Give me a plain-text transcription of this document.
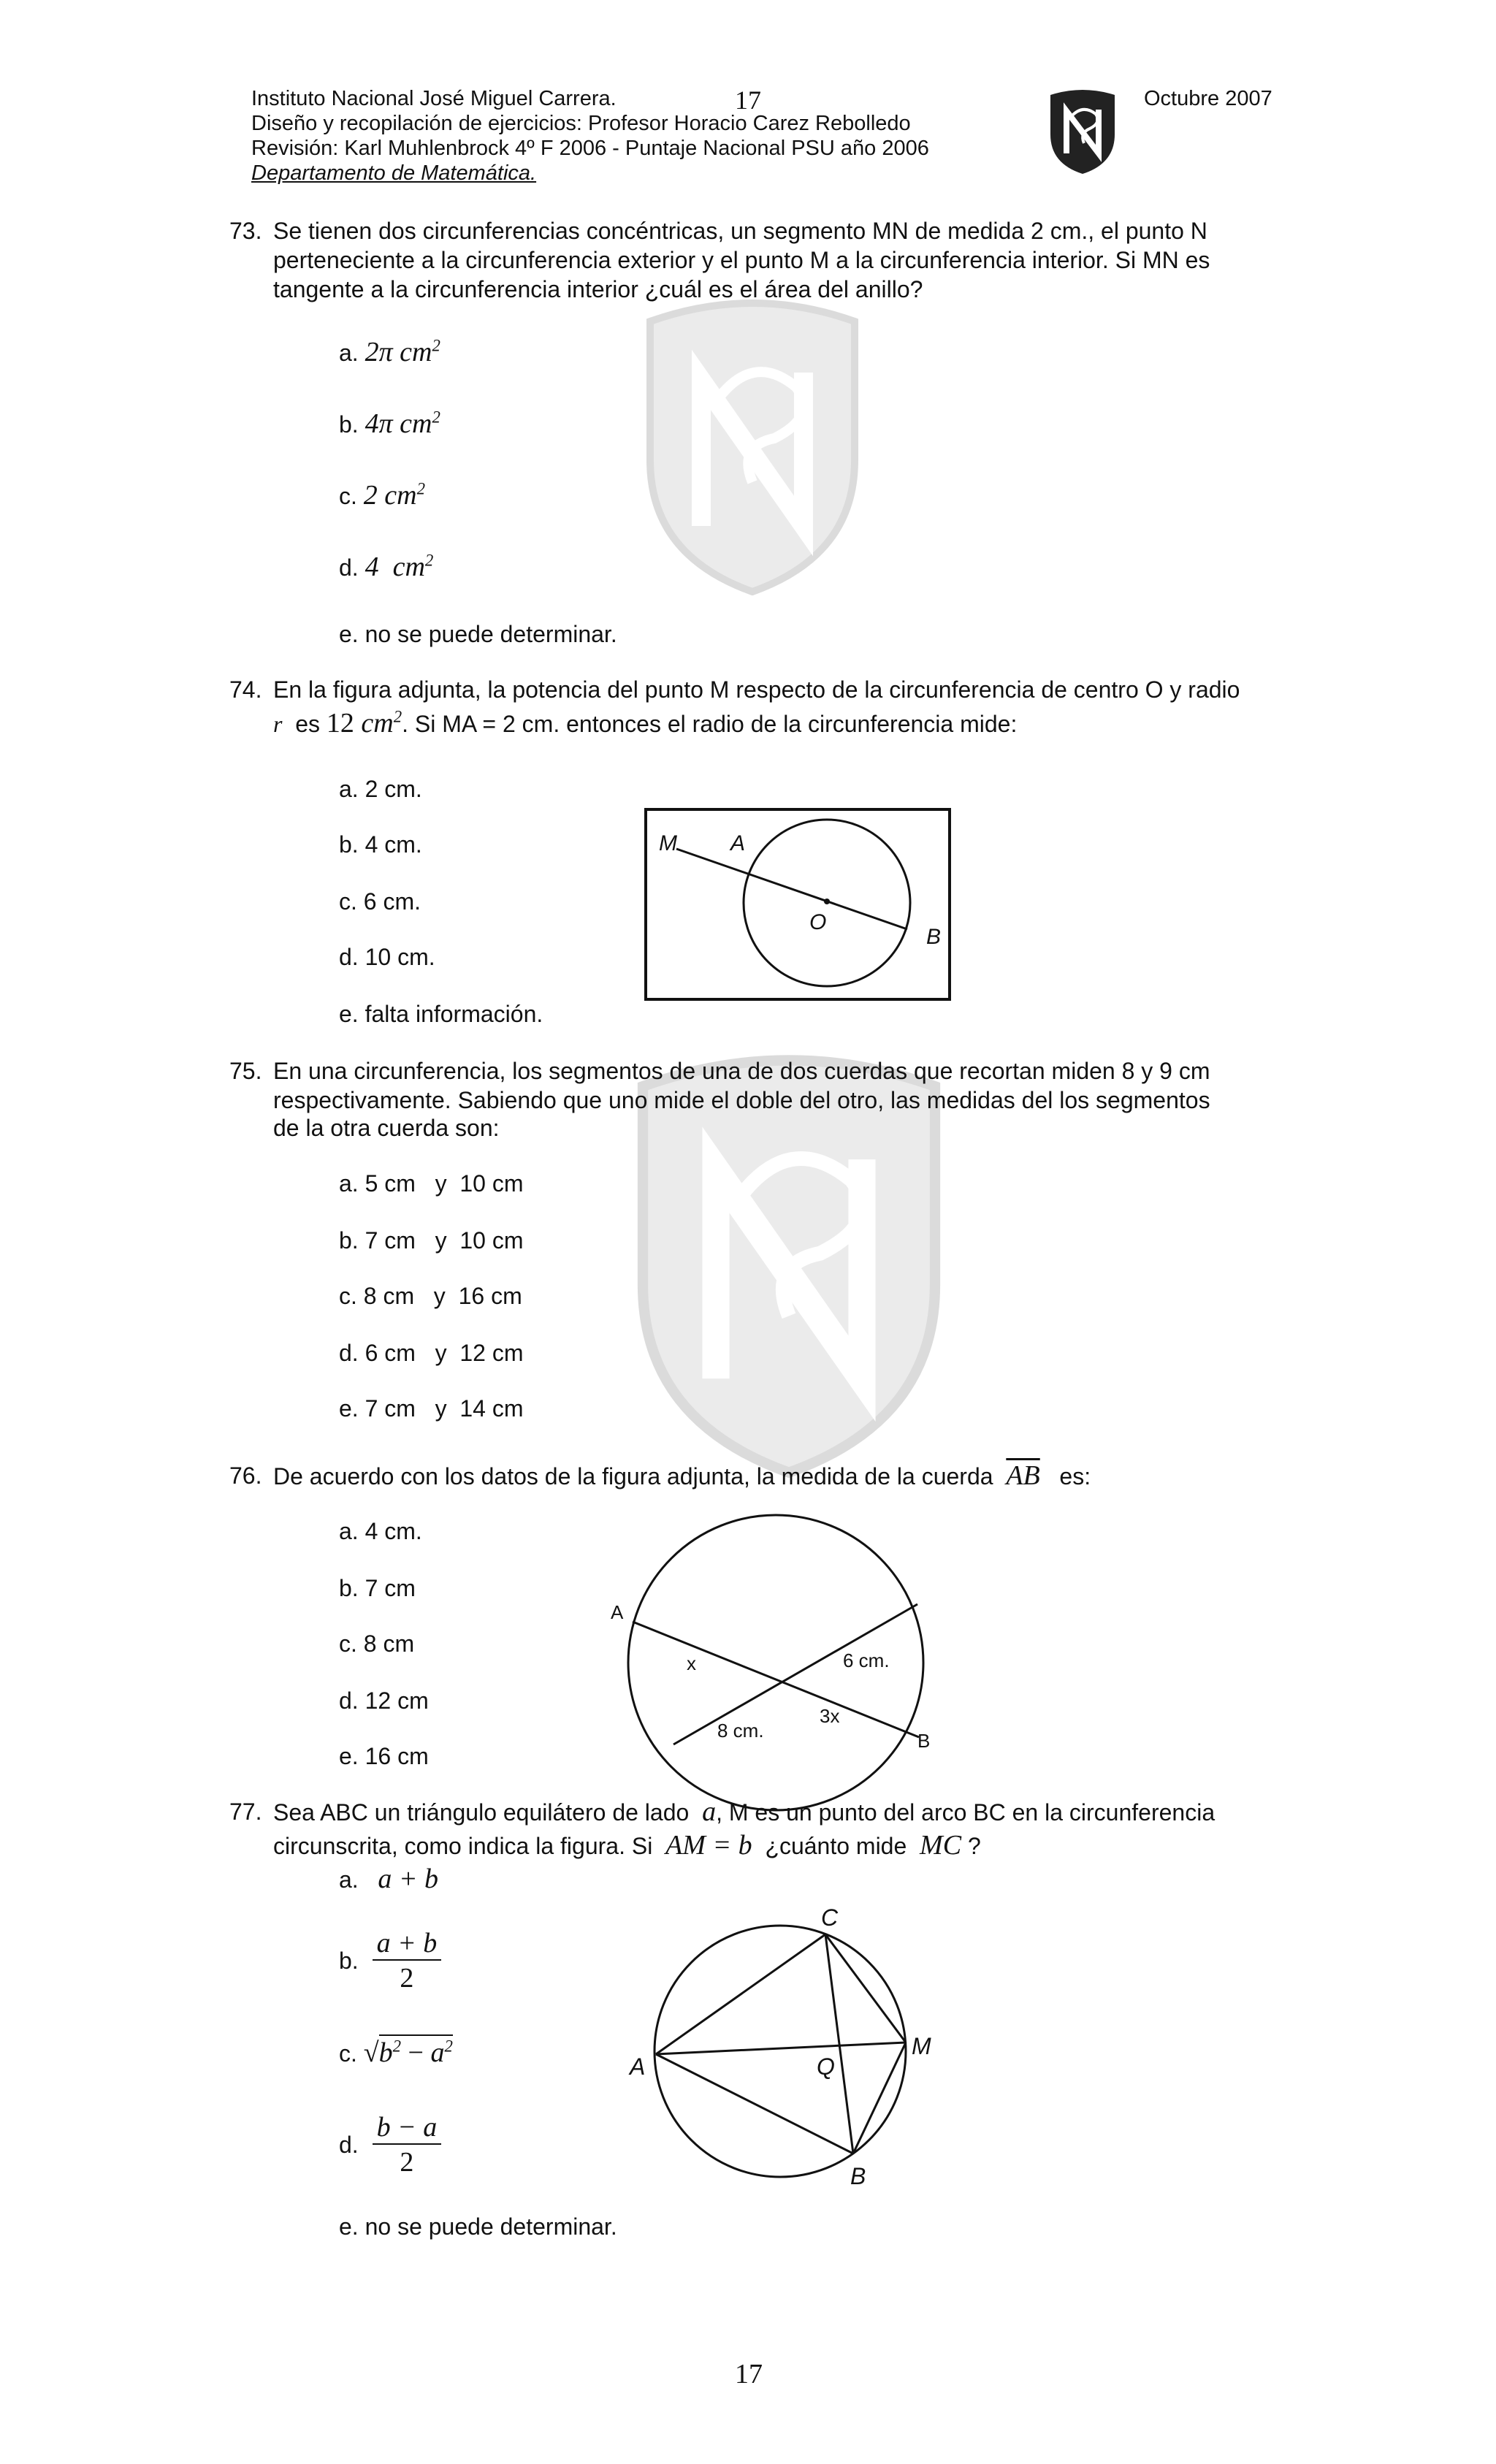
Instituto Nacional José Miguel Carrera.	17	Octubre 2007
Diseño y recopilación de ejercicios: Profesor Horacio Carez Rebolledo
Revisión: Karl Muhlenbrock 4º F 2006 - Puntaje Nacional PSU año 2006
Departamento de Matemática.
73. Se tienen dos circunferencias concéntricas, un segmento MN de medida 2 cm., el punto N
perteneciente a la circunferencia exterior y el punto M a la circunferencia interior. Si MN es
tangente a la circunferencia interior ¿cuál es el área del anillo?
a. 2π $cm^2$
b. 4π $cm^2$
c. 2 $cm^2$
d. 4 $cm^2$
e. no se puede determinar.
74. En la figura adjunta, la potencia del punto M respecto de la circunferencia de centro O y radio
r es 12 $cm^2$. Si MA = 2 cm. entonces el radio de la circunferencia mide:
a. 2 cm.
b. 4 cm.
c. 6 cm.
d. 10 cm.
e. falta información.
M A
O
B
75. En una circunferencia, los segmentos de una de dos cuerdas que recortan miden 8 y 9 cm
respectivamente. Sabiendo que uno mide el doble del otro, las medidas del los segmentos
de la otra cuerda son:
a. 5 cm   y  10 cm
b. 7 cm   y  10 cm
c. 8 cm   y  16 cm
d. 6 cm   y  12 cm
e. 7 cm   y  14 cm
76. De acuerdo con los datos de la figura adjunta, la medida de la cuerda $\overline{AB}$ es:
a. 4 cm.
b. 7 cm
c. 8 cm
d. 12 cm
e. 16 cm
A
B
x	6 cm.
3x
8 cm.
77. Sea ABC un triángulo equilátero de lado a, M es un punto del arco BC en la circunferencia
circunscrita, como indica la figura. Si AM = b ¿cuánto mide MC ?
a. a + b
b. $\frac{a + b}{2}$
c. $√b^2 - a^2$
d. $\frac{b - a}{2}$
e. no se puede determinar.
C
M
A	Q
B
17
